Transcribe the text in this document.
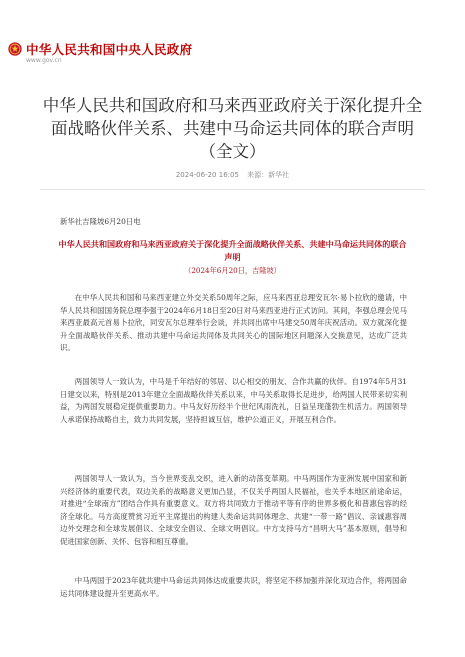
中华人民共和国中央人民政府
www.gov.cn
中华人民共和国政府和马来西亚政府关于深化提升全面战略伙伴关系、共建中马命运共同体的联合声明（全文）
2024-06-20 16:05 来源：新华社
新华社吉隆坡6月20日电
中华人民共和国政府和马来西亚政府关于深化提升全面战略伙伴关系、共建中马命运共同体的联合声明
（2024年6月20日，吉隆坡）

在中华人民共和国和马来西亚建立外交关系50周年之际，应马来西亚总理安瓦尔·易卜拉欣的邀请，中华人民共和国国务院总理李强于2024年6月18日至20日对马来西亚进行正式访问。其间，李强总理会见马来西亚最高元首易卜拉欣，同安瓦尔总理举行会谈，并共同出席中马建交50周年庆祝活动。双方就深化提升全面战略伙伴关系、推动共建中马命运共同体及共同关心的国际地区问题深入交换意见，达成广泛共识。

两国领导人一致认为，中马是千年结好的邻居、以心相交的朋友、合作共赢的伙伴。自1974年5月31日建交以来，特别是2013年建立全面战略伙伴关系以来，中马关系取得长足进步，给两国人民带来切实利益，为两国发展稳定提供重要助力。中马友好历经半个世纪风雨洗礼，日益呈现蓬勃生机活力。两国领导人承诺保持战略自主，致力共同发展，坚持担诚互信，维护公道正义，开展互利合作。

两国领导人一致认为，当今世界变乱交织，进入新的动荡变革期。中马两国作为亚洲发展中国家和新兴经济体的重要代表，双边关系的战略意义更加凸显，不仅关乎两国人民福祉，也关乎本地区前途命运，对推进“全球南方”团结合作具有重要意义。双方将共同致力于推动平等有序的世界多极化和普惠包容的经济全球化。马方高度赞赏习近平主席提出的构建人类命运共同体理念、共建“一带一路”倡议、亲诚惠容周边外交理念和全球发展倡议、全球安全倡议、全球文明倡议。中方支持马方“昌明大马”基本原则，倡导和促进国家创新、关怀、包容和相互尊重。

中马两国于2023年就共建中马命运共同体达成重要共识，将坚定不移加强并深化双边合作，将两国命运共同体建设提升至更高水平。
